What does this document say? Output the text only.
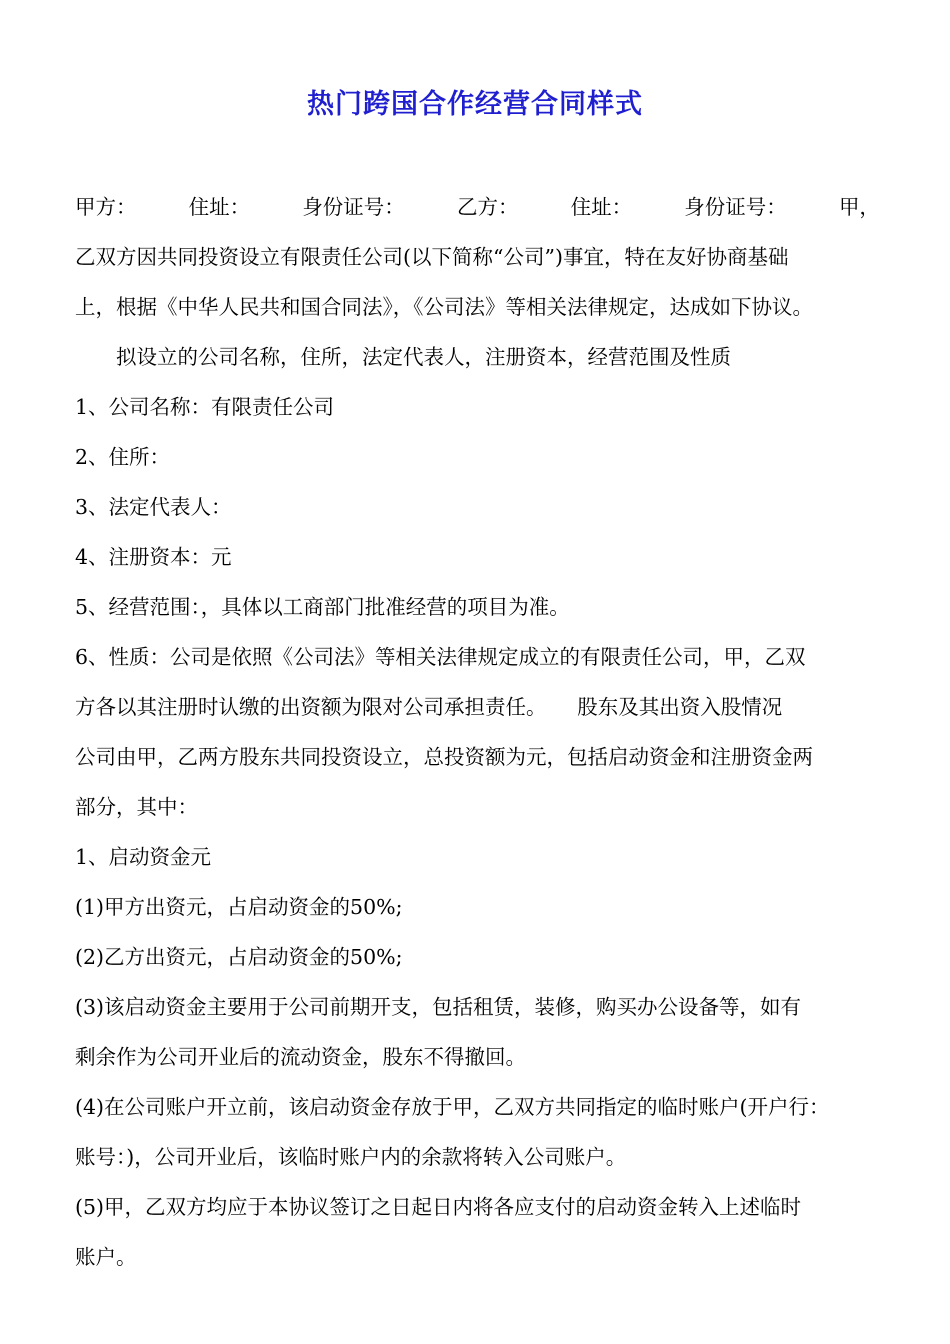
热门跨国合作经营合同样式
甲方：	住址：	身份证号：	乙方：	住址：	身份证号：	甲，
乙双方因共同投资设立有限责任公司(以下简称“公司”)事宜，特在友好协商基础
上，根据《中华人民共和国合同法》，《公司法》等相关法律规定，达成如下协议。
拟设立的公司名称，住所，法定代表人，注册资本，经营范围及性质
1、公司名称：有限责任公司
2、住所：
3、法定代表人：
4、注册资本：元
5、经营范围：，具体以工商部门批准经营的项目为准。
6、性质：公司是依照《公司法》等相关法律规定成立的有限责任公司，甲，乙双
方各以其注册时认缴的出资额为限对公司承担责任。　　股东及其出资入股情况
公司由甲，乙两方股东共同投资设立，总投资额为元，包括启动资金和注册资金两
部分，其中：
1、启动资金元
(1)甲方出资元，占启动资金的50%;
(2)乙方出资元，占启动资金的50%;
(3)该启动资金主要用于公司前期开支，包括租赁，装修，购买办公设备等，如有
剩余作为公司开业后的流动资金，股东不得撤回。
(4)在公司账户开立前，该启动资金存放于甲，乙双方共同指定的临时账户(开户行：
账号：)，公司开业后，该临时账户内的余款将转入公司账户。
(5)甲，乙双方均应于本协议签订之日起日内将各应支付的启动资金转入上述临时
账户。
